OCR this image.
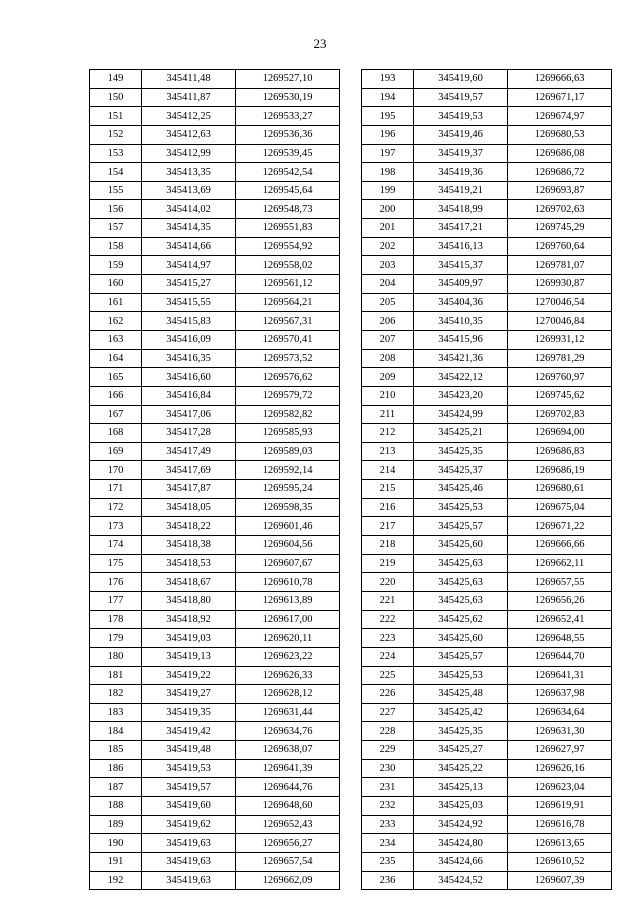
23
149	345411,48	1269527,10
150	345411,87	1269530,19
151	345412,25	1269533,27
152	345412,63	1269536,36
153	345412,99	1269539,45
154	345413,35	1269542,54
155	345413,69	1269545,64
156	345414,02	1269548,73
157	345414,35	1269551,83
158	345414,66	1269554,92
159	345414,97	1269558,02
160	345415,27	1269561,12
161	345415,55	1269564,21
162	345415,83	1269567,31
163	345416,09	1269570,41
164	345416,35	1269573,52
165	345416,60	1269576,62
166	345416,84	1269579,72
167	345417,06	1269582,82
168	345417,28	1269585,93
169	345417,49	1269589,03
170	345417,69	1269592,14
171	345417,87	1269595,24
172	345418,05	1269598,35
173	345418,22	1269601,46
174	345418,38	1269604,56
175	345418,53	1269607,67
176	345418,67	1269610,78
177	345418,80	1269613,89
178	345418,92	1269617,00
179	345419,03	1269620,11
180	345419,13	1269623,22
181	345419,22	1269626,33
182	345419,27	1269628,12
183	345419,35	1269631,44
184	345419,42	1269634,76
185	345419,48	1269638,07
186	345419,53	1269641,39
187	345419,57	1269644,76
188	345419,60	1269648,60
189	345419,62	1269652,43
190	345419,63	1269656,27
191	345419,63	1269657,54
192	345419,63	1269662,09
193	345419,60	1269666,63
194	345419,57	1269671,17
195	345419,53	1269674,97
196	345419,46	1269680,53
197	345419,37	1269686,08
198	345419,36	1269686,72
199	345419,21	1269693,87
200	345418,99	1269702,63
201	345417,21	1269745,29
202	345416,13	1269760,64
203	345415,37	1269781,07
204	345409,97	1269930,87
205	345404,36	1270046,54
206	345410,35	1270046,84
207	345415,96	1269931,12
208	345421,36	1269781,29
209	345422,12	1269760,97
210	345423,20	1269745,62
211	345424,99	1269702,83
212	345425,21	1269694,00
213	345425,35	1269686,83
214	345425,37	1269686,19
215	345425,46	1269680,61
216	345425,53	1269675,04
217	345425,57	1269671,22
218	345425,60	1269666,66
219	345425,63	1269662,11
220	345425,63	1269657,55
221	345425,63	1269656,26
222	345425,62	1269652,41
223	345425,60	1269648,55
224	345425,57	1269644,70
225	345425,53	1269641,31
226	345425,48	1269637,98
227	345425,42	1269634,64
228	345425,35	1269631,30
229	345425,27	1269627,97
230	345425,22	1269626,16
231	345425,13	1269623,04
232	345425,03	1269619,91
233	345424,92	1269616,78
234	345424,80	1269613,65
235	345424,66	1269610,52
236	345424,52	1269607,39
